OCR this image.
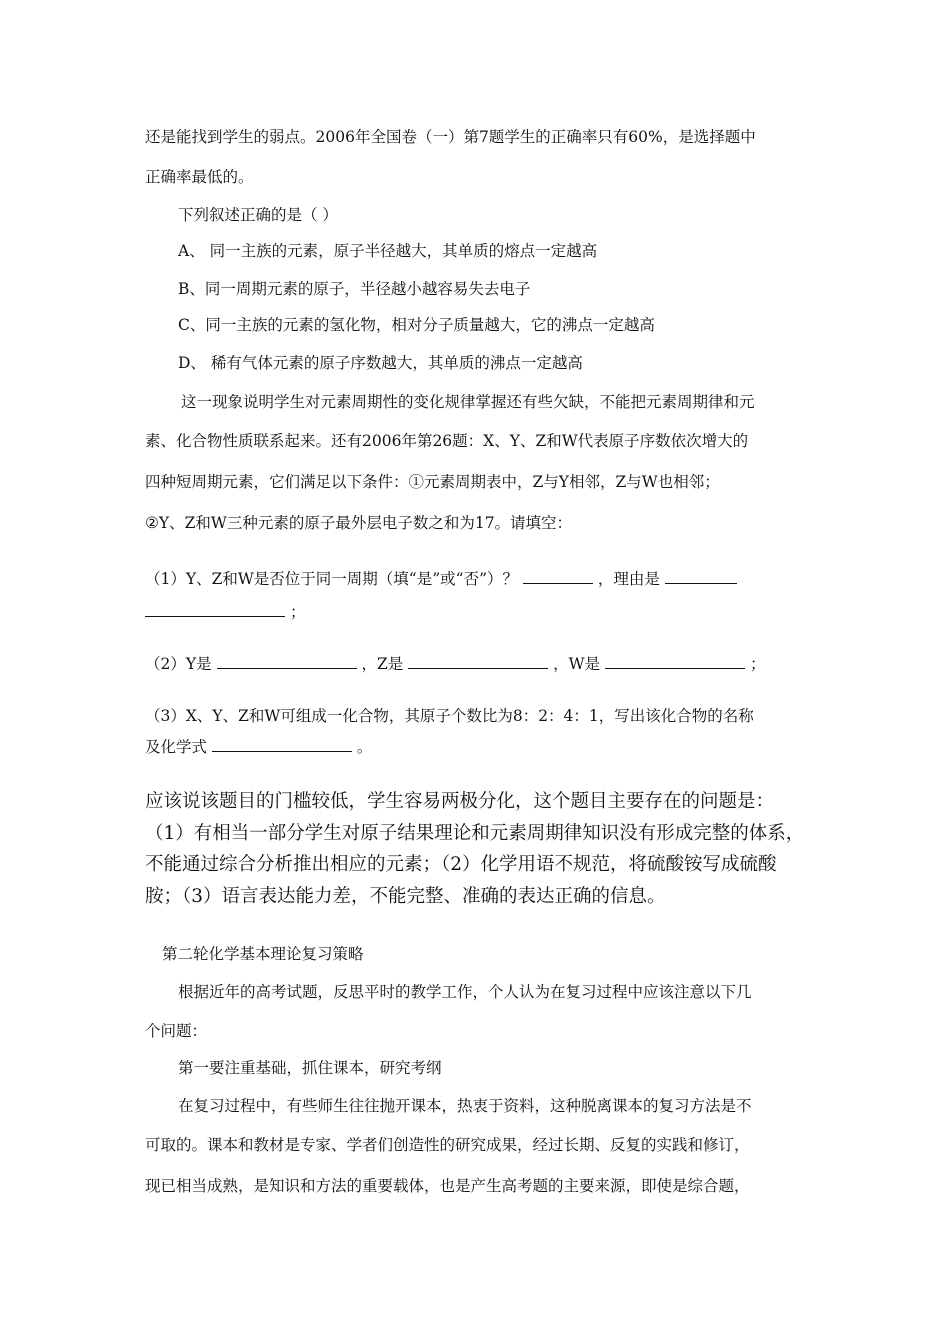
还是能找到学生的弱点。2006年全国卷（一）第7题学生的正确率只有60%，是选择题中
正确率最低的。
下列叙述正确的是（ ）
A、 同一主族的元素，原子半径越大，其单质的熔点一定越高
B、同一周期元素的原子，半径越小越容易失去电子
C、同一主族的元素的氢化物，相对分子质量越大，它的沸点一定越高
D、 稀有气体元素的原子序数越大，其单质的沸点一定越高
这一现象说明学生对元素周期性的变化规律掌握还有些欠缺，不能把元素周期律和元
素、化合物性质联系起来。还有2006年第26题：X、Y、Z和W代表原子序数依次增大的
四种短周期元素，它们满足以下条件：①元素周期表中，Z与Y相邻，Z与W也相邻；
②Y、Z和W三种元素的原子最外层电子数之和为17。请填空：
（1）Y、Z和W是否位于同一周期（填“是”或“否”）？	，理由是
；
（2）Y是	，Z是	，W是	；
（3）X、Y、Z和W可组成一化合物，其原子个数比为8：2：4：1，写出该化合物的名称
及化学式	。
应该说该题目的门槛较低，学生容易两极分化，这个题目主要存在的问题是：
（1）有相当一部分学生对原子结果理论和元素周期律知识没有形成完整的体系，
不能通过综合分析推出相应的元素；（2）化学用语不规范，将硫酸铵写成硫酸
胺；（3）语言表达能力差，不能完整、准确的表达正确的信息。
第二轮化学基本理论复习策略
根据近年的高考试题，反思平时的教学工作，个人认为在复习过程中应该注意以下几
个问题：
第一要注重基础，抓住课本，研究考纲
在复习过程中，有些师生往往抛开课本，热衷于资料，这种脱离课本的复习方法是不
可取的。课本和教材是专家、学者们创造性的研究成果，经过长期、反复的实践和修订，
现已相当成熟，是知识和方法的重要载体，也是产生高考题的主要来源，即使是综合题，
